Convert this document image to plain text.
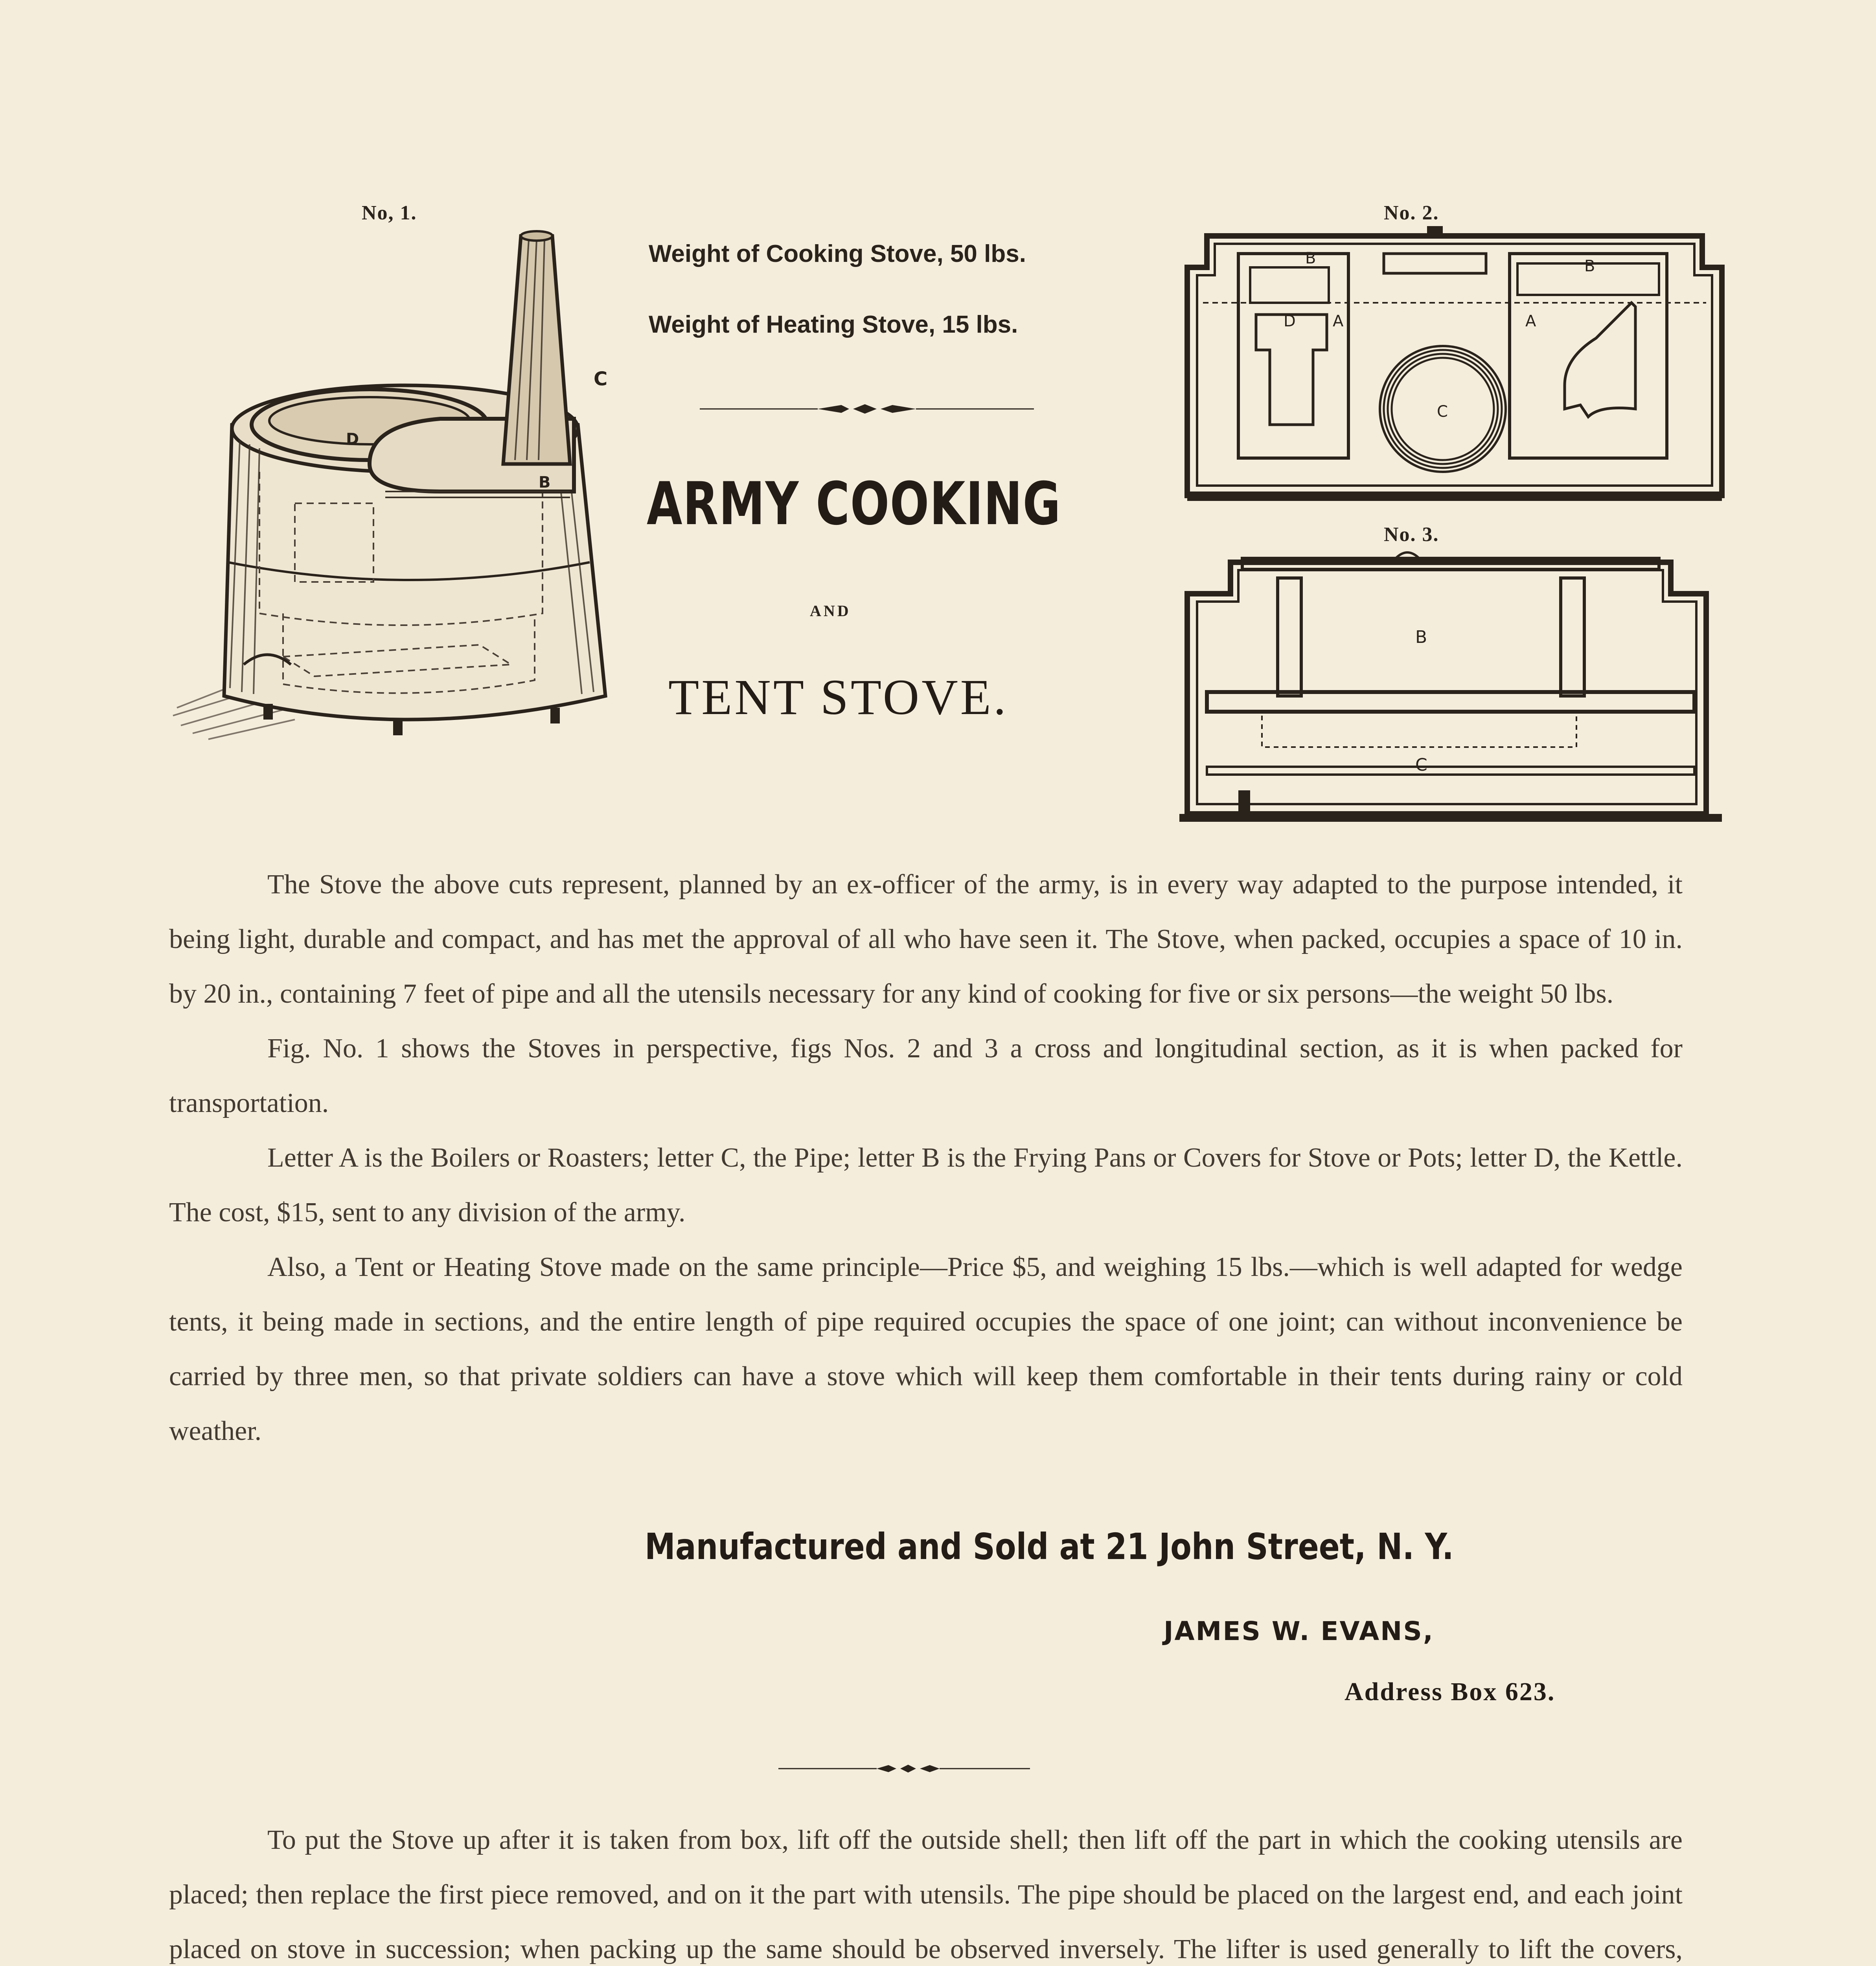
No, 1.
C
D
B
Weight of Cooking Stove, 50 lbs.
Weight of Heating Stove, 15 lbs.
ARMY COOKING
AND
TENT STOVE.
No. 2.
B
D A
C
B
A
No. 3.
B
C

The Stove the above cuts represent, planned by an ex-officer of the army, is in every way adapted to the purpose intended, it being light, durable and compact, and has met the approval of all who have seen it. The Stove, when packed, occupies a space of 10 in. by 20 in., containing 7 feet of pipe and all the utensils necessary for any kind of cooking for five or six persons—the weight 50 lbs.

Fig. No. 1 shows the Stoves in perspective, figs Nos. 2 and 3 a cross and longitudinal section, as it is when packed for transportation.

Letter A is the Boilers or Roasters; letter C, the Pipe; letter B is the Frying Pans or Covers for Stove or Pots; letter D, the Kettle. The cost, $15, sent to any division of the army.

Also, a Tent or Heating Stove made on the same principle—Price $5, and weighing 15 lbs.—which is well adapted for wedge tents, it being made in sections, and the entire length of pipe required occupies the space of one joint; can without inconvenience be carried by three men, so that private soldiers can have a stove which will keep them comfortable in their tents during rainy or cold weather.

Manufactured and Sold at 21 John Street, N. Y.
JAMES W. EVANS,
Address Box 623.

To put the Stove up after it is taken from box, lift off the outside shell; then lift off the part in which the cooking utensils are placed; then replace the first piece removed, and on it the part with utensils. The pipe should be placed on the largest end, and each joint placed on stove in succession; when packing up the same should be observed inversely. The lifter is used generally to lift the covers,
